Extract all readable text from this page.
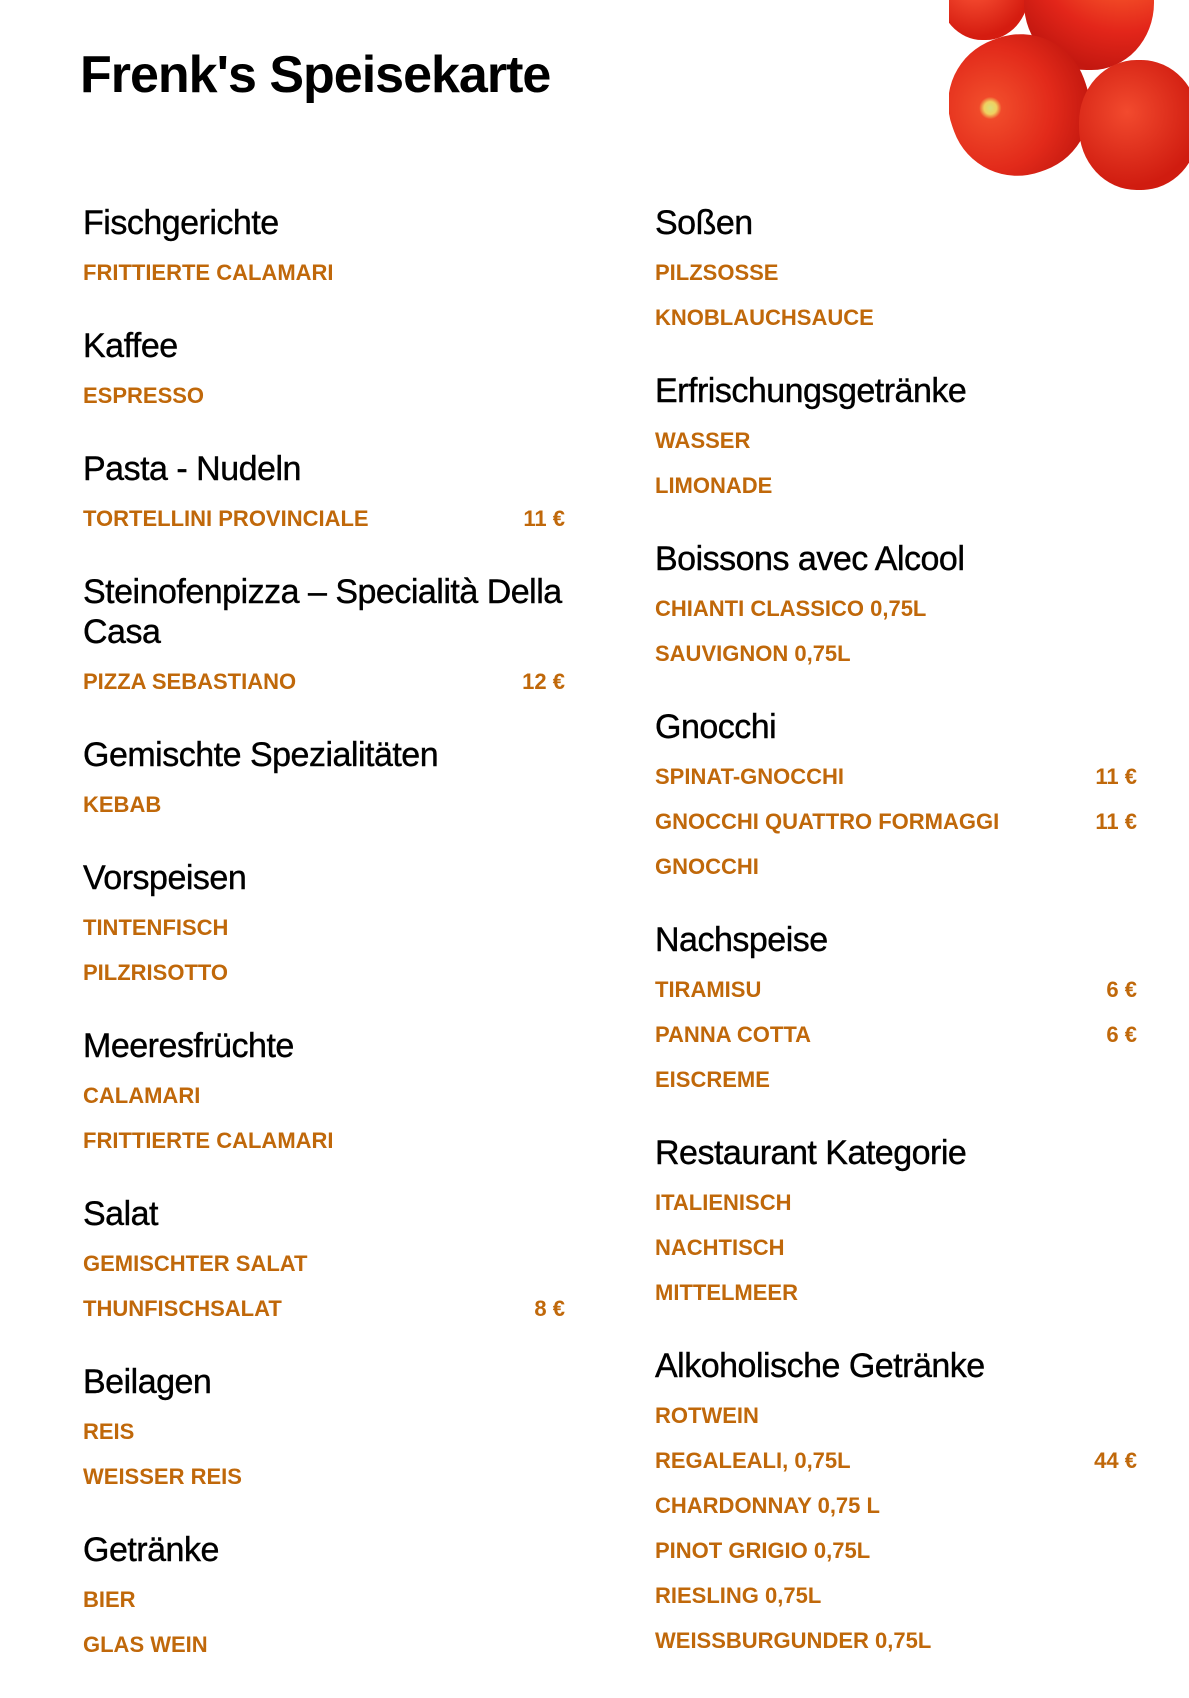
Frenk's Speisekarte
Fischgerichte
FRITTIERTE CALAMARI
Kaffee
ESPRESSO
Pasta - Nudeln
TORTELLINI PROVINCIALE	11 €
Steinofenpizza – Specialità Della Casa
PIZZA SEBASTIANO	12 €
Gemischte Spezialitäten
KEBAB
Vorspeisen
TINTENFISCH
PILZRISOTTO
Meeresfrüchte
CALAMARI
FRITTIERTE CALAMARI
Salat
GEMISCHTER SALAT
THUNFISCHSALAT	8 €
Beilagen
REIS
WEISSER REIS
Getränke
BIER
GLAS WEIN
Soßen
PILZSOSSE
KNOBLAUCHSAUCE
Erfrischungsgetränke
WASSER
LIMONADE
Boissons avec Alcool
CHIANTI CLASSICO 0,75L
SAUVIGNON 0,75L
Gnocchi
SPINAT-GNOCCHI	11 €
GNOCCHI QUATTRO FORMAGGI	11 €
GNOCCHI
Nachspeise
TIRAMISU	6 €
PANNA COTTA	6 €
EISCREME
Restaurant Kategorie
ITALIENISCH
NACHTISCH
MITTELMEER
Alkoholische Getränke
ROTWEIN
REGALEALI, 0,75L	44 €
CHARDONNAY 0,75 L
PINOT GRIGIO 0,75L
RIESLING 0,75L
WEISSBURGUNDER 0,75L
